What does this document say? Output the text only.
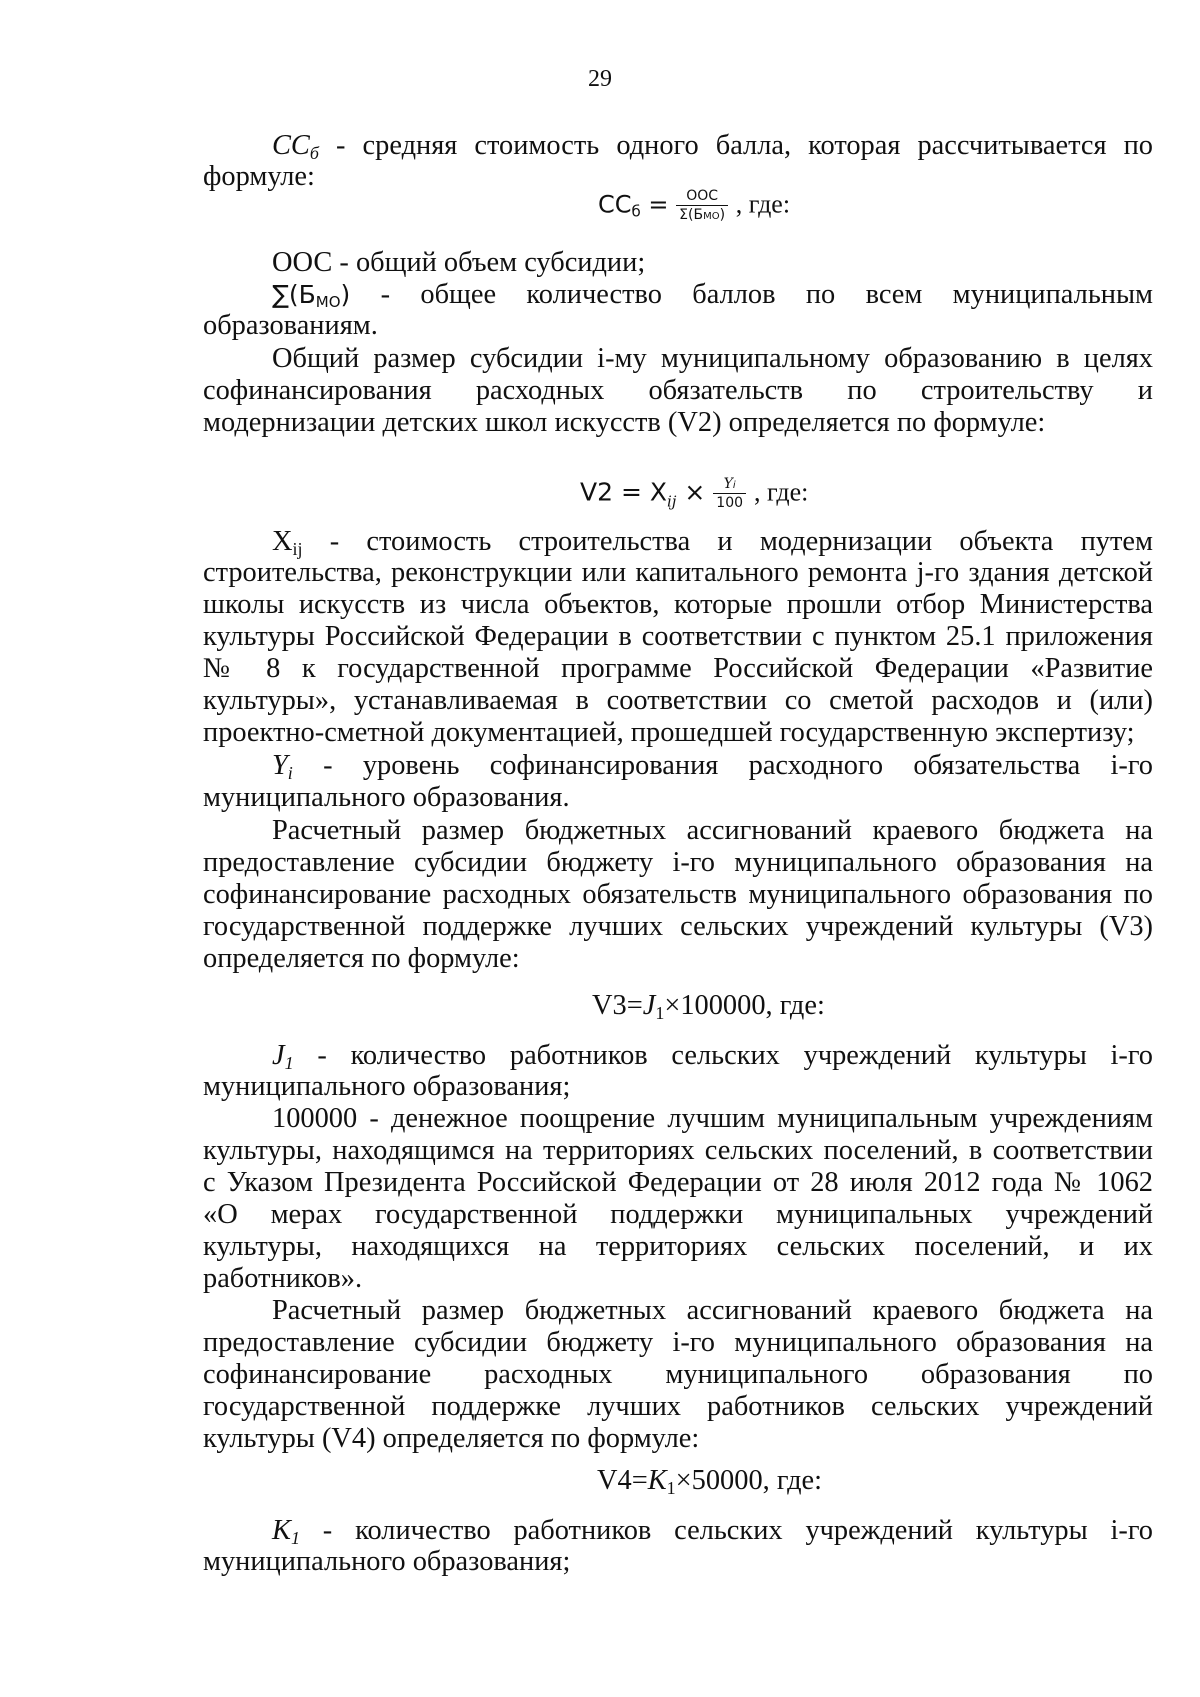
29
$СС_б$ - средняя стоимость одного балла, которая рассчитывается по
формуле:
ССб = $\frac{\text{ООС}}{\text{Σ(БМО)}}$ , где:
ООС - общий объем субсидии;
∑(БМО) - общее количество баллов по всем муниципальным
образованиям.
Общий размер субсидии i-му муниципальному образованию в целях
софинансирования расходных обязательств по строительству и
модернизации детских школ искусств (V2) определяется по формуле:
$V2 = X_{ij} \times \frac{Yi}{100}$ , где:
$X_{ij}$ - стоимость строительства и модернизации объекта путем
строительства, реконструкции или капитального ремонта j-го здания детской
школы искусств из числа объектов, которые прошли отбор Министерства
культуры Российской Федерации в соответствии с пунктом 25.1 приложения
№ 8 к государственной программе Российской Федерации «Развитие
культуры», устанавливаемая в соответствии со сметой расходов и (или)
проектно-сметной документацией, прошедшей государственную экспертизу;
$Y_i$ - уровень софинансирования расходного обязательства i-го
муниципального образования.
Расчетный размер бюджетных ассигнований краевого бюджета на
предоставление субсидии бюджету i-го муниципального образования на
софинансирование расходных обязательств муниципального образования по
государственной поддержке лучших сельских учреждений культуры (V3)
определяется по формуле:
$V3=J_1\times 100000$, где:
$J_1$ - количество работников сельских учреждений культуры i-го
муниципального образования;
100000 - денежное поощрение лучшим муниципальным учреждениям
культуры, находящимся на территориях сельских поселений, в соответствии
с Указом Президента Российской Федерации от 28 июля 2012 года № 1062
«О мерах государственной поддержки муниципальных учреждений
культуры, находящихся на территориях сельских поселений, и их
работников».
Расчетный размер бюджетных ассигнований краевого бюджета на
предоставление субсидии бюджету i-го муниципального образования на
софинансирование расходных муниципального образования по
государственной поддержке лучших работников сельских учреждений
культуры (V4) определяется по формуле:
$V4=K_1\times 50000$, где:
$K_1$ - количество работников сельских учреждений культуры i-го
муниципального образования;
